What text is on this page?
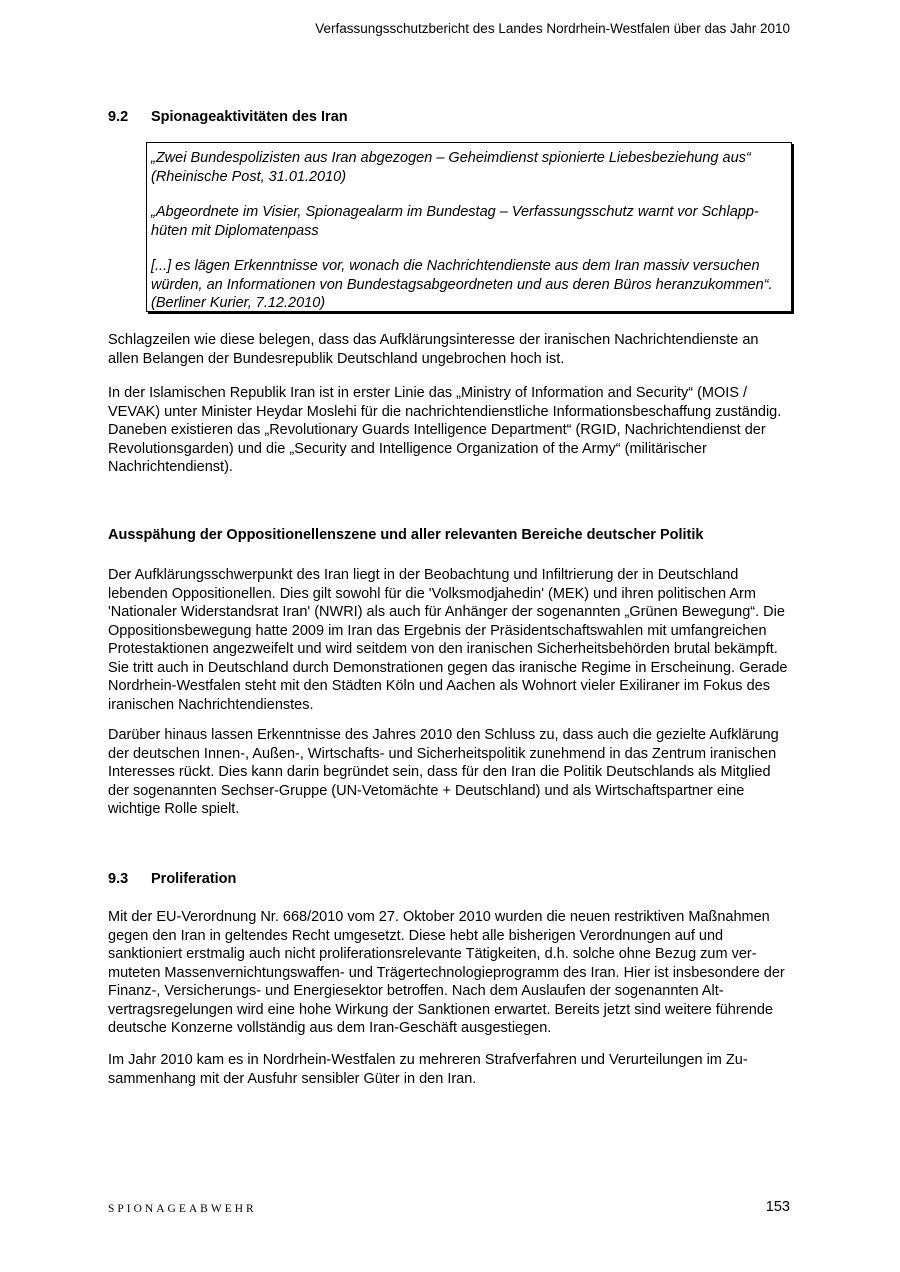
Verfassungsschutzbericht des Landes Nordrhein-Westfalen über das Jahr 2010
9.2 Spionageaktivitäten des Iran

„Zwei Bundespolizisten aus Iran abgezogen – Geheimdienst spionierte Liebesbeziehung aus“ (Rheinische Post, 31.01.2010)

„Abgeordnete im Visier, Spionagealarm im Bundestag – Verfassungsschutz warnt vor Schlapphüten mit Diplomatenpass

[...] es lägen Erkenntnisse vor, wonach die Nachrichtendienste aus dem Iran massiv versuchen würden, an Informationen von Bundestagsabgeordneten und aus deren Büros heranzukommen“. (Berliner Kurier, 7.12.2010)

Schlagzeilen wie diese belegen, dass das Aufklärungsinteresse der iranischen Nachrichtendienste an allen Belangen der Bundesrepublik Deutschland ungebrochen hoch ist.

In der Islamischen Republik Iran ist in erster Linie das „Ministry of Information and Security“ (MOIS / VEVAK) unter Minister Heydar Moslehi für die nachrichtendienstliche Informationsbeschaffung zuständig. Daneben existieren das „Revolutionary Guards Intelligence Department“ (RGID, Nachrichtendienst der Revolutionsgarden) und die „Security and Intelligence Organization of the Army“ (militärischer Nachrichtendienst).

Ausspähung der Oppositionellenszene und aller relevanten Bereiche deutscher Politik

Der Aufklärungsschwerpunkt des Iran liegt in der Beobachtung und Infiltrierung der in Deutschland lebenden Oppositionellen. Dies gilt sowohl für die 'Volksmodjahedin' (MEK) und ihren politischen Arm 'Nationaler Widerstandsrat Iran' (NWRI) als auch für Anhänger der sogenannten „Grünen Bewegung“. Die Oppositionsbewegung hatte 2009 im Iran das Ergebnis der Präsidentschaftswahlen mit umfangreichen Protestaktionen angezweifelt und wird seitdem von den iranischen Sicherheitsbehörden brutal bekämpft. Sie tritt auch in Deutschland durch Demonstrationen gegen das iranische Regime in Erscheinung. Gerade Nordrhein-Westfalen steht mit den Städten Köln und Aachen als Wohnort vieler Exiliraner im Fokus des iranischen Nachrichtendienstes.

Darüber hinaus lassen Erkenntnisse des Jahres 2010 den Schluss zu, dass auch die gezielte Aufklärung der deutschen Innen-, Außen-, Wirtschafts- und Sicherheitspolitik zunehmend in das Zentrum iranischen Interesses rückt. Dies kann darin begründet sein, dass für den Iran die Politik Deutschlands als Mitglied der sogenannten Sechser-Gruppe (UN-Vetomächte + Deutschland) und als Wirtschaftspartner eine wichtige Rolle spielt.

9.3 Proliferation

Mit der EU-Verordnung Nr. 668/2010 vom 27. Oktober 2010 wurden die neuen restriktiven Maßnahmen gegen den Iran in geltendes Recht umgesetzt. Diese hebt alle bisherigen Verordnungen auf und sanktioniert erstmalig auch nicht proliferationsrelevante Tätigkeiten, d.h. solche ohne Bezug zum vermuteten Massenvernichtungswaffen- und Trägertechnologieprogramm des Iran. Hier ist insbesondere der Finanz-, Versicherungs- und Energiesektor betroffen. Nach dem Auslaufen der sogenannten Altvertragsregelungen wird eine hohe Wirkung der Sanktionen erwartet. Bereits jetzt sind weitere führende deutsche Konzerne vollständig aus dem Iran-Geschäft ausgestiegen.

Im Jahr 2010 kam es in Nordrhein-Westfalen zu mehreren Strafverfahren und Verurteilungen im Zusammenhang mit der Ausfuhr sensibler Güter in den Iran.

SPIONAGEABWEHR	153
